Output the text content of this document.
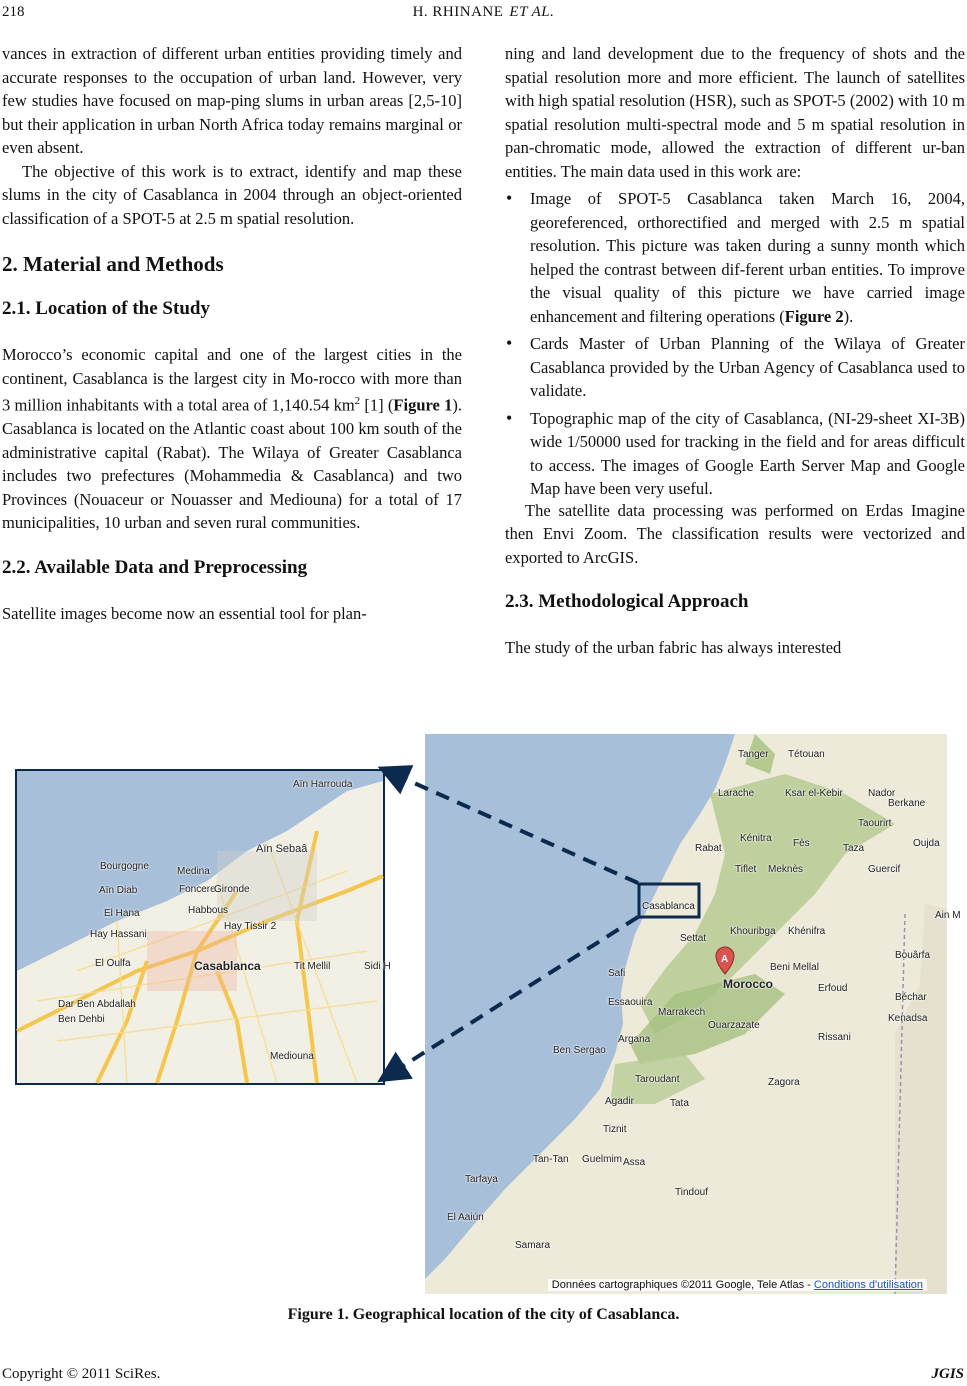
218	H. RHINANE ET AL.

vances in extraction of different urban entities providing timely and accurate responses to the occupation of urban land. However, very few studies have focused on map-ping slums in urban areas [2,5-10] but their application in urban North Africa today remains marginal or even absent.

The objective of this work is to extract, identify and map these slums in the city of Casablanca in 2004 through an object-oriented classification of a SPOT-5 at 2.5 m spatial resolution.

2. Material and Methods
2.1. Location of the Study

Morocco’s economic capital and one of the largest cities in the continent, Casablanca is the largest city in Mo-rocco with more than 3 million inhabitants with a total area of 1,140.54 $km^2$ [1] (Figure 1). Casablanca is located on the Atlantic coast about 100 km south of the administrative capital (Rabat). The Wilaya of Greater Casablanca includes two prefectures (Mohammedia & Casablanca) and two Provinces (Nouaceur or Nouasser and Mediouna) for a total of 17 municipalities, 10 urban and seven rural communities.

2.2. Available Data and Preprocessing

Satellite images become now an essential tool for plan-

ning and land development due to the frequency of shots and the spatial resolution more and more efficient. The launch of satellites with high spatial resolution (HSR), such as SPOT-5 (2002) with 10 m spatial resolution multi-spectral mode and 5 m spatial resolution in pan-chromatic mode, allowed the extraction of different ur-ban entities. The main data used in this work are:

• Image of SPOT-5 Casablanca taken March 16, 2004, georeferenced, orthorectified and merged with 2.5 m spatial resolution. This picture was taken during a sunny month which helped the contrast between dif-ferent urban entities. To improve the visual quality of this picture we have carried image enhancement and filtering operations (Figure 2).
• Cards Master of Urban Planning of the Wilaya of Greater Casablanca provided by the Urban Agency of Casablanca used to validate.
• Topographic map of the city of Casablanca, (NI-29-sheet XI-3B) wide 1/50000 used for tracking in the field and for areas difficult to access. The images of Google Earth Server Map and Google Map have been very useful.

The satellite data processing was performed on Erdas Imagine then Envi Zoom. The classification results were vectorized and exported to ArcGIS.

2.3. Methodological Approach

The study of the urban fabric has always interested

A
Données cartographiques ©2011 Google, Tele Atlas - Conditions d'utilisation
Tanger Tétouan
Larache	Ksar el-Kebir	Nador
Berkane
Taourirt
Oujda
Rabat
Kénitra Fès	Taza
Tiflet Meknès	Guercif
Casablanca
Settat
Khouribga Khénifra
Bouârfa
Beni Mellal
Safi
Morocco	Erfoud
Béchar
Kenadsa
Essaouira
Marrakech
Ouarzazate
Rissani
Argana
Ben Sergao
Taroudant	Zagora
Agadir	Tata
Tiznit
Tan-Tan Guelmim Assa
Tarfaya
Tindouf
El Aaiún
Samara
Ain M
Aïn Harrouda
Aïn Sebaâ
Bourgogne	Medina
Foncere
Gironde
Habbous
Hay Tissir 2
El Hana
Hay Hassani
El Oulfa	Casablanca
Dar Ben Abdallah
Ben Dehbi
Tit Mellil	Sidi H
Mediouna
Aïn Diab
Figure 1. Geographical location of the city of Casablanca.
Copyright © 2011 SciRes.	JGIS
